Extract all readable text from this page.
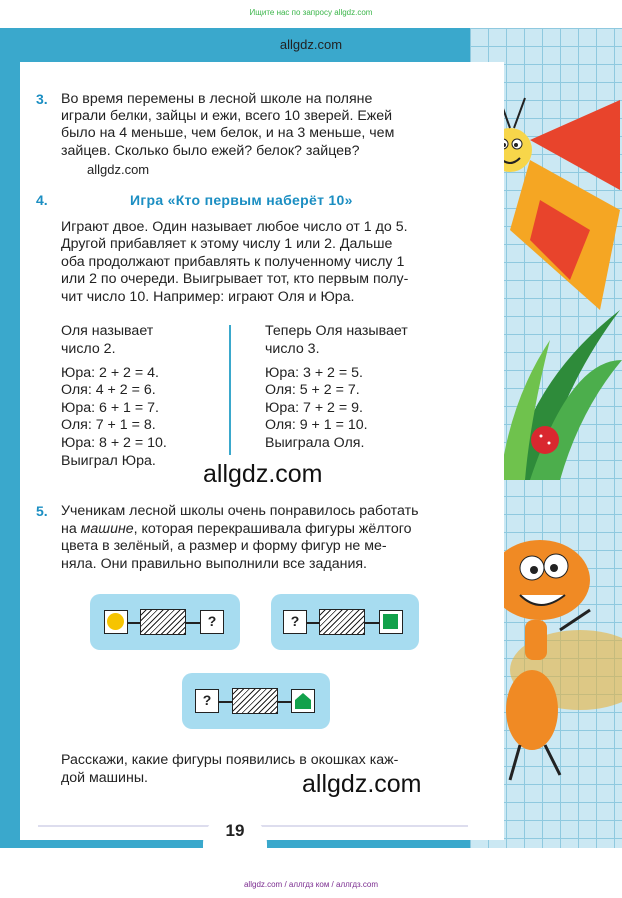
Ищите нас по запросу allgdz.com
allgdz.com
3. Во время перемены в лесной школе на поляне
играли белки, зайцы и ежи, всего 10 зверей. Ежей
было на 4 меньше, чем белок, и на 3 меньше, чем
зайцев. Сколько было ежей? белок? зайцев?
allgdz.com
4.	Игра «Кто первым наберёт 10»
Играют двое. Один называет любое число от 1 до 5.
Другой прибавляет к этому числу 1 или 2. Дальше
оба продолжают прибавлять к полученному числу 1
или 2 по очереди. Выигрывает тот, кто первым полу-
чит число 10. Например: играют Оля и Юра.
Оля называет
число 2.
Юра: 2 + 2 = 4.
Оля: 4 + 2 = 6.
Юра: 6 + 1 = 7.
Оля: 7 + 1 = 8.
Юра: 8 + 2 = 10.
Выиграл Юра.
Теперь Оля называет
число 3.
Юра: 3 + 2 = 5.
Оля: 5 + 2 = 7.
Юра: 7 + 2 = 9.
Оля: 9 + 1 = 10.
Выиграла Оля.
allgdz.com
5. Ученикам лесной школы очень понравилось работать
на машине, которая перекрашивала фигуры жёлтого
цвета в зелёный, а размер и форму фигур не ме-
няла. Они правильно выполнили все задания.
?	?
?
Расскажи, какие фигуры появились в окошках каж-
дой машины.	allgdz.com
19
allgdz.com / аллгдз ком / аллгдз.com
